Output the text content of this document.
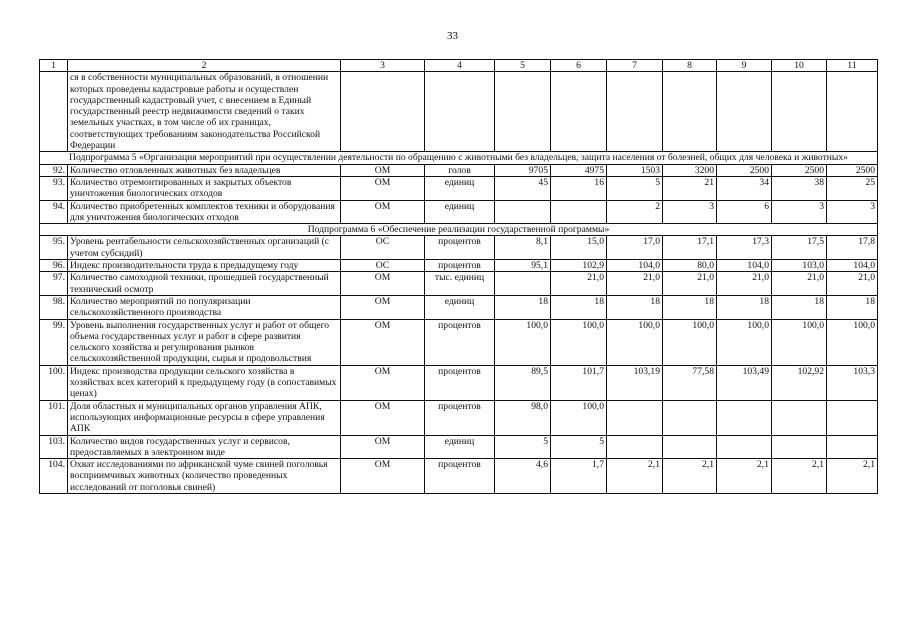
33
1	2	3	4	5	6	7	8	9	10	11
	ся в собственности муниципальных образований, в отношении которых проведены кадастровые работы и осуществлен государственный кадастровый учет, с внесением в Единый государственный реестр недвижимости сведений о таких земельных участках, в том числе об их границах, соответствующих требованиям законодательства Российской Федерации									
Подпрограмма 5 «Организация мероприятий при осуществлении деятельности по обращению с животными без владельцев, защита населения от болезней, общих для человека и животных»										
92.	Количество отловленных животных без владельцев	ОМ	голов	9705	4975	1503	3200	2500	2500	2500
93.	Количество отремонтированных и закрытых объектов уничтожения биологических отходов	ОМ	единиц	45	16	5	21	34	38	25
94.	Количество приобретенных комплектов техники и оборудования для уничтожения биологических отходов	ОМ	единиц			2	3	6	3	3
Подпрограмма 6 «Обеспечение реализации государственной программы»										
95.	Уровень рентабельности сельскохозяйственных организаций (с учетом субсидий)	ОС	процентов	8,1	15,0	17,0	17,1	17,3	17,5	17,8
96.	Индекс производительности труда к предыдущему году	ОС	процентов	95,1	102,9	104,0	80,0	104,0	103,0	104,0
97.	Количество самоходной техники, прошедшей государственный технический осмотр	ОМ	тыс. единиц		21,0	21,0	21,0	21,0	21,0	21,0
98.	Количество мероприятий по популяризации сельскохозяйственного производства	ОМ	единиц	18	18	18	18	18	18	18
99.	Уровень выполнения государственных услуг и работ от общего объема государственных услуг и работ в сфере развития сельского хозяйства и регулирования рынков сельскохозяйственной продукции, сырья и продовольствия	ОМ	процентов	100,0	100,0	100,0	100,0	100,0	100,0	100,0
100.	Индекс производства продукции сельского хозяйства в хозяйствах всех категорий к предыдущему году (в сопоставимых ценах)	ОМ	процентов	89,5	101,7	103,19	77,58	103,49	102,92	103,3
101.	Доля областных и муниципальных органов управления АПК, использующих информационные ресурсы в сфере управления АПК	ОМ	процентов	98,0	100,0					
103.	Количество видов государственных услуг и сервисов, предоставляемых в электронном виде	ОМ	единиц	5	5					
104.	Охват исследованиями по африканской чуме свиней поголовья восприимчивых животных (количество проведенных исследований от поголовья свиней)	ОМ	процентов	4,6	1,7	2,1	2,1	2,1	2,1	2,1
